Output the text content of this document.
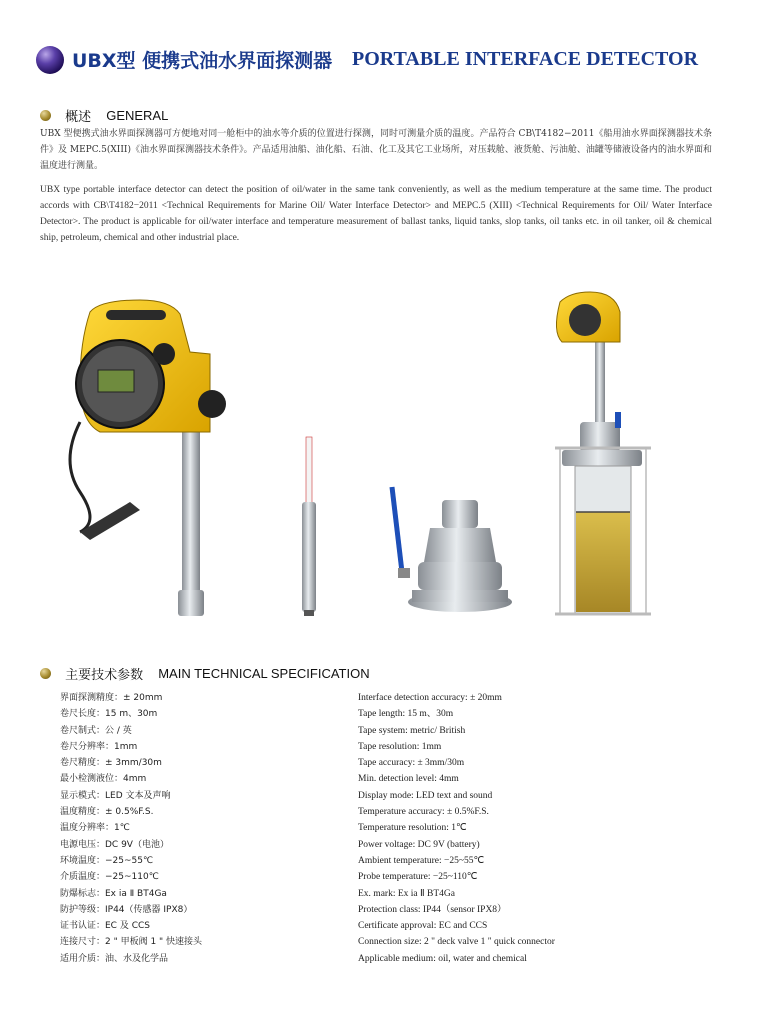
UBX型 便携式油水界面探测器 PORTABLE INTERFACE DETECTOR
概述 GENERAL
UBX 型便携式油水界面探测器可方便地对同一舱柜中的油水等介质的位置进行探测，同时可测量介质的温度。产品符合 CB\T4182−2011《船用油水界面探测器技术条件》及 MEPC.5(XIII)《油水界面探测器技术条件》。产品适用油船、油化船、石油、化工及其它工业场所，对压载舱、液货舱、污油舱、油罐等储液设备内的油水界面和温度进行测量。
UBX type portable interface detector can detect the position of oil/water in the same tank conveniently, as well as the medium temperature at the same time. The product accords with CB\T4182−2011 <Technical Requirements for Marine Oil/ Water Interface Detector> and MEPC.5 (XIII) <Technical Requirements for Oil/ Water Interface Detector>. The product is applicable for oil/water interface and temperature measurement of ballast tanks, liquid tanks, slop tanks, oil tanks etc. in oil tanker, oil & chemical ship, petroleum, chemical and other industrial place.
主要技术参数 MAIN TECHNICAL SPECIFICATION
界面探测精度：± 20mm
卷尺长度：15 m、30m
卷尺制式：公 / 英
卷尺分辨率：1mm
卷尺精度：± 3mm/30m
最小检测液位：4mm
显示模式：LED 文本及声响
温度精度：± 0.5%F.S.
温度分辨率：1℃
电源电压：DC 9V（电池）
环境温度：−25~55℃
介质温度：−25~110℃
防爆标志：Ex ia Ⅱ BT4Ga
防护等级：IP44（传感器 IPX8）
证书认证：EC 及 CCS
连接尺寸：2 " 甲板阀 1 " 快速接头
适用介质：油、水及化学品
Interface detection accuracy: ± 20mm
Tape length: 15 m、30m
Tape system: metric/ British
Tape resolution: 1mm
Tape accuracy: ± 3mm/30m
Min. detection level: 4mm
Display mode: LED text and sound
Temperature accuracy: ± 0.5%F.S.
Temperature resolution: 1℃
Power voltage: DC 9V (battery)
Ambient temperature: −25~55℃
Probe temperature: −25~110℃
Ex. mark: Ex ia Ⅱ BT4Ga
Protection class: IP44（sensor IPX8）
Certificate approval: EC and CCS
Connection size: 2 " deck valve 1 " quick connector
Applicable medium: oil, water and chemical
